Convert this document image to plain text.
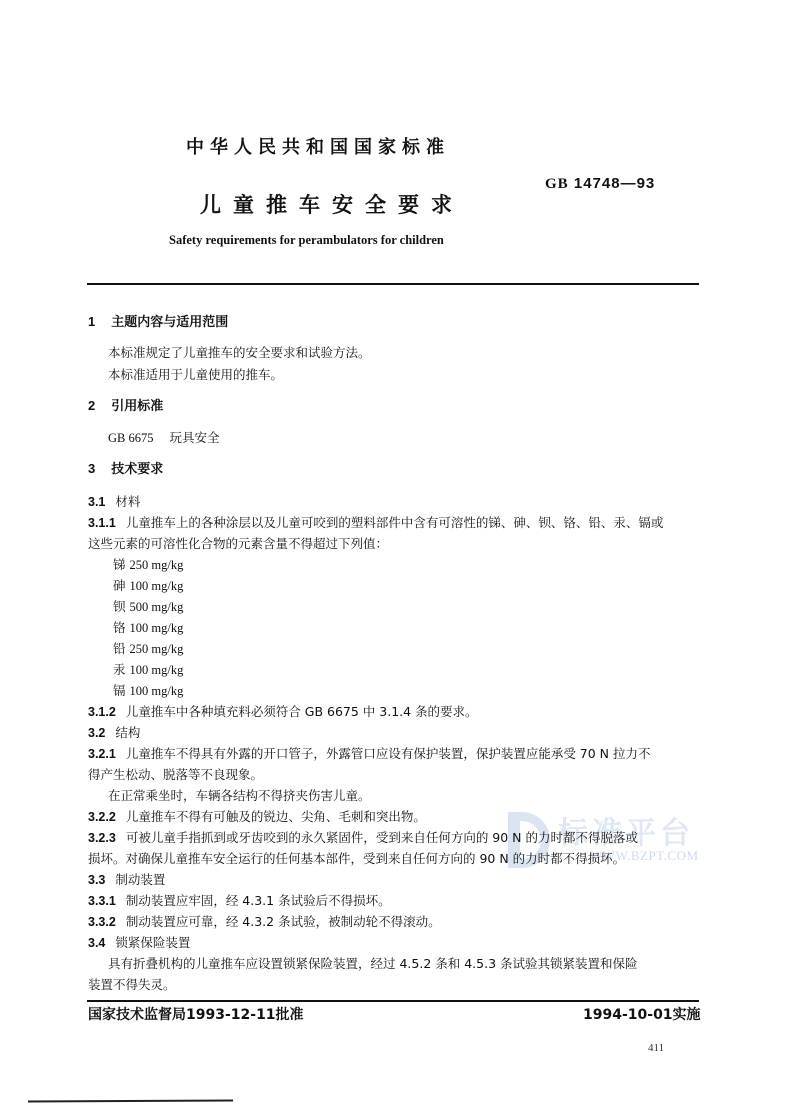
中华人民共和国国家标准
GB 14748—93
儿童推车安全要求
Safety requirements for perambulators for children
1 主题内容与适用范围
本标准规定了儿童推车的安全要求和试验方法。
本标准适用于儿童使用的推车。
2 引用标准
GB 6675 玩具安全
3 技术要求
3.1 材料
3.1.1 儿童推车上的各种涂层以及儿童可咬到的塑料部件中含有可溶性的锑、砷、钡、铬、铅、汞、镉或
这些元素的可溶性化合物的元素含量不得超过下列值：
锑 250 mg/kg
砷 100 mg/kg
钡 500 mg/kg
铬 100 mg/kg
铅 250 mg/kg
汞 100 mg/kg
镉 100 mg/kg
3.1.2 儿童推车中各种填充料必须符合 GB 6675 中 3.1.4 条的要求。
3.2 结构
3.2.1 儿童推车不得具有外露的开口管子，外露管口应设有保护装置，保护装置应能承受 70 N 拉力不
得产生松动、脱落等不良现象。
在正常乘坐时，车辆各结构不得挤夹伤害儿童。
3.2.2 儿童推车不得有可触及的锐边、尖角、毛刺和突出物。	标准平台
WWW.BZPT.COM
3.2.3 可被儿童手指抓到或牙齿咬到的永久紧固件，受到来自任何方向的 90 N 的力时都不得脱落或
损坏。对确保儿童推车安全运行的任何基本部件，受到来自任何方向的 90 N 的力时都不得损坏。
3.3 制动装置
3.3.1 制动装置应牢固，经 4.3.1 条试验后不得损坏。
3.3.2 制动装置应可靠，经 4.3.2 条试验，被制动轮不得滚动。
3.4 锁紧保险装置
具有折叠机构的儿童推车应设置锁紧保险装置，经过 4.5.2 条和 4.5.3 条试验其锁紧装置和保险
装置不得失灵。
国家技术监督局1993-12-11批准	1994-10-01实施
411
